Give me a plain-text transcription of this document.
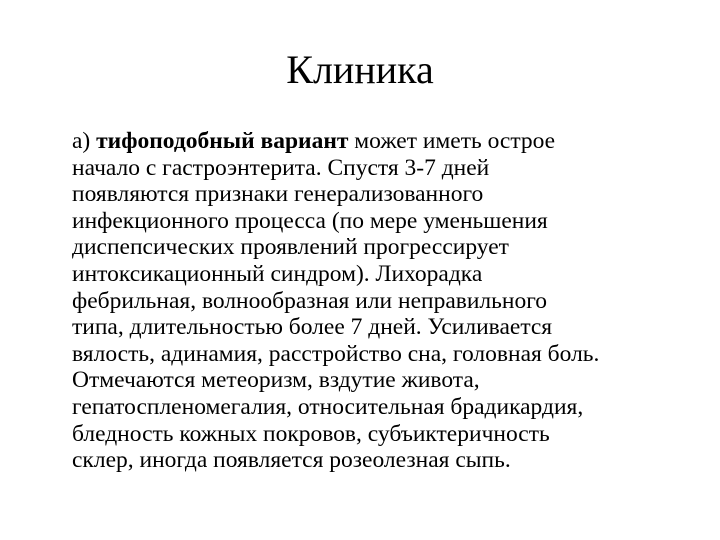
Клиника
а) тифоподобный вариант может иметь острое
начало с гастроэнтерита. Спустя 3-7 дней
появляются признаки генерализованного
инфекционного процесса (по мере уменьшения
диспепсических проявлений прогрессирует
интоксикационный синдром). Лихорадка
фебрильная, волнообразная или неправильного
типа, длительностью более 7 дней. Усиливается
вялость, адинамия, расстройство сна, головная боль.
Отмечаются метеоризм, вздутие живота,
гепатоспленомегалия, относительная брадикардия,
бледность кожных покровов, субъиктеричность
склер, иногда появляется розеолезная сыпь.
